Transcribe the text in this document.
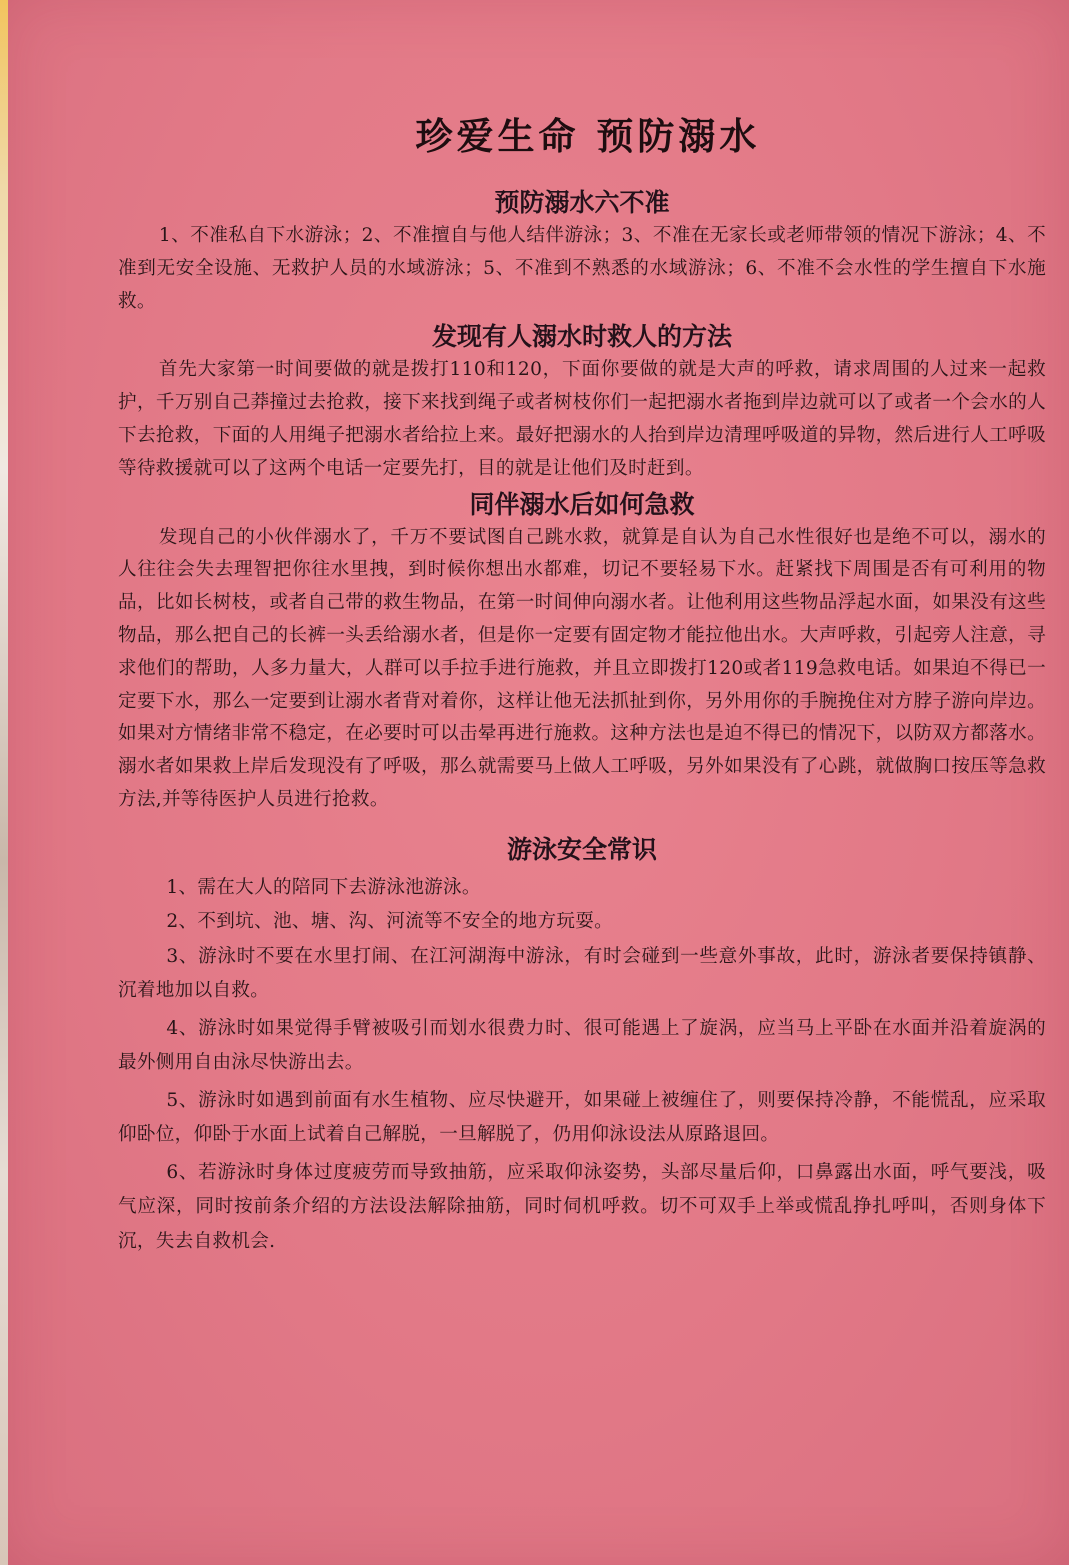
珍爱生命 预防溺水
预防溺水六不准

1、不准私自下水游泳；2、不准擅自与他人结伴游泳；3、不准在无家长或老师带领的情况下游泳；4、不准到无安全设施、无救护人员的水域游泳；5、不准到不熟悉的水域游泳；6、不准不会水性的学生擅自下水施救。

发现有人溺水时救人的方法

首先大家第一时间要做的就是拨打110和120，下面你要做的就是大声的呼救，请求周围的人过来一起救护，千万别自己莽撞过去抢救，接下来找到绳子或者树枝你们一起把溺水者拖到岸边就可以了或者一个会水的人下去抢救，下面的人用绳子把溺水者给拉上来。最好把溺水的人抬到岸边清理呼吸道的异物，然后进行人工呼吸等待救援就可以了这两个电话一定要先打，目的就是让他们及时赶到。

同伴溺水后如何急救

发现自己的小伙伴溺水了，千万不要试图自己跳水救，就算是自认为自己水性很好也是绝不可以，溺水的人往往会失去理智把你往水里拽，到时候你想出水都难，切记不要轻易下水。赶紧找下周围是否有可利用的物品，比如长树枝，或者自己带的救生物品，在第一时间伸向溺水者。让他利用这些物品浮起水面，如果没有这些物品，那么把自己的长裤一头丢给溺水者，但是你一定要有固定物才能拉他出水。大声呼救，引起旁人注意，寻求他们的帮助，人多力量大，人群可以手拉手进行施救，并且立即拨打120或者119急救电话。如果迫不得已一定要下水，那么一定要到让溺水者背对着你，这样让他无法抓扯到你，另外用你的手腕挽住对方脖子游向岸边。如果对方情绪非常不稳定，在必要时可以击晕再进行施救。这种方法也是迫不得已的情况下，以防双方都落水。溺水者如果救上岸后发现没有了呼吸，那么就需要马上做人工呼吸，另外如果没有了心跳，就做胸口按压等急救方法,并等待医护人员进行抢救。

游泳安全常识

1、需在大人的陪同下去游泳池游泳。

2、不到坑、池、塘、沟、河流等不安全的地方玩耍。

3、游泳时不要在水里打闹、在江河湖海中游泳，有时会碰到一些意外事故，此时，游泳者要保持镇静、沉着地加以自救。

4、游泳时如果觉得手臂被吸引而划水很费力时、很可能遇上了旋涡，应当马上平卧在水面并沿着旋涡的最外侧用自由泳尽快游出去。

5、游泳时如遇到前面有水生植物、应尽快避开，如果碰上被缠住了，则要保持冷静，不能慌乱，应采取仰卧位，仰卧于水面上试着自己解脱，一旦解脱了，仍用仰泳设法从原路退回。

6、若游泳时身体过度疲劳而导致抽筋，应采取仰泳姿势，头部尽量后仰，口鼻露出水面，呼气要浅，吸气应深，同时按前条介绍的方法设法解除抽筋，同时伺机呼救。切不可双手上举或慌乱挣扎呼叫，否则身体下沉，失去自救机会.
